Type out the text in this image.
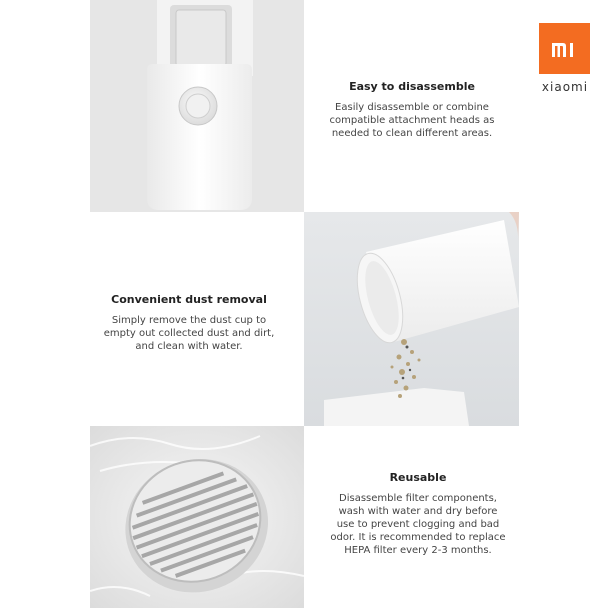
xiaomi
Easy to disassemble
Easily disassemble or combine
compatible attachment heads as
needed to clean different areas.
Convenient dust removal
Simply remove the dust cup to
empty out collected dust and dirt,
and clean with water.
Reusable
Disassemble filter components,
wash with water and dry before
use to prevent clogging and bad
odor. It is recommended to replace
HEPA filter every 2-3 months.
